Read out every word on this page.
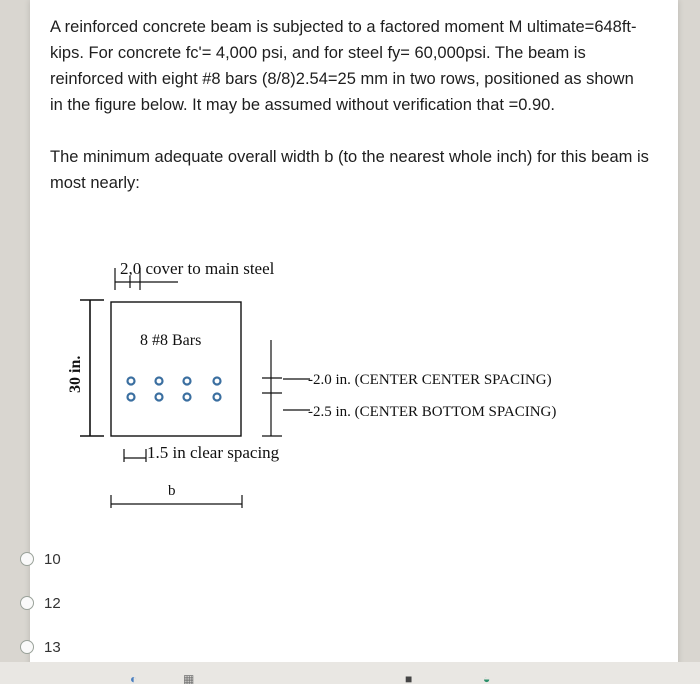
A reinforced concrete beam is subjected to a factored moment M ultimate=648ft-kips. For concrete fc'= 4,000 psi, and for steel fy= 60,000psi. The beam is reinforced with eight #8 bars (8/8)2.54=25 mm in two rows, positioned as shown in the figure below. It may be assumed without verification that =0.90.

The minimum adequate overall width b (to the nearest whole inch) for this beam is most nearly:

2,0 cover to main steel
30 in.
8 #8 Bars
-2.0 in. (CENTER CENTER SPACING)
-2.5 in. (CENTER BOTTOM SPACING)
1.5 in clear spacing
b
10
12
13
◐	▦	■	◒
